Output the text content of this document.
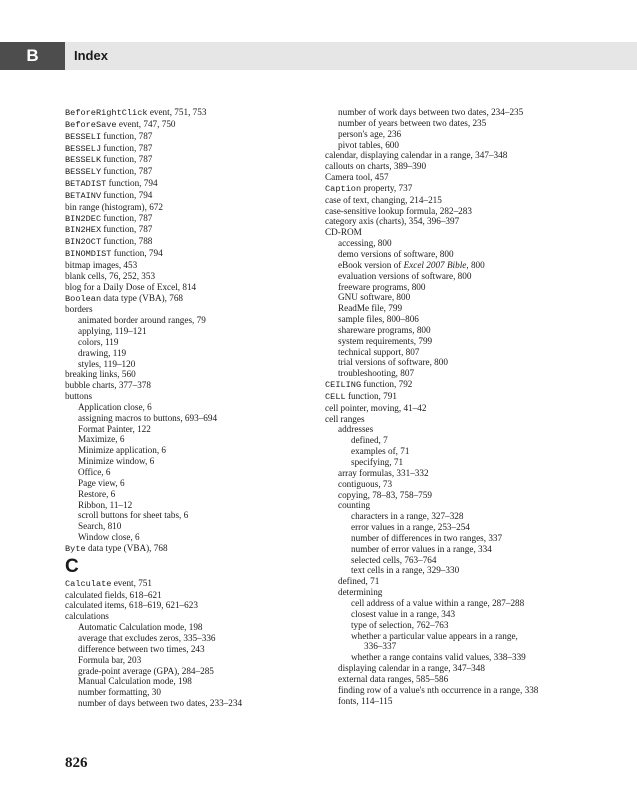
B	Index
BeforeRightClick event, 751, 753
BeforeSave event, 747, 750
BESSELI function, 787
BESSELJ function, 787
BESSELK function, 787
BESSELY function, 787
BETADIST function, 794
BETAINV function, 794
bin range (histogram), 672
BIN2DEC function, 787
BIN2HEX function, 787
BIN2OCT function, 788
BINOMDIST function, 794
bitmap images, 453
blank cells, 76, 252, 353
blog for a Daily Dose of Excel, 814
Boolean data type (VBA), 768
borders
animated border around ranges, 79
applying, 119–121
colors, 119
drawing, 119
styles, 119–120
breaking links, 560
bubble charts, 377–378
buttons
Application close, 6
assigning macros to buttons, 693–694
Format Painter, 122
Maximize, 6
Minimize application, 6
Minimize window, 6
Office, 6
Page view, 6
Restore, 6
Ribbon, 11–12
scroll buttons for sheet tabs, 6
Search, 810
Window close, 6
Byte data type (VBA), 768
C
Calculate event, 751
calculated fields, 618–621
calculated items, 618–619, 621–623
calculations
Automatic Calculation mode, 198
average that excludes zeros, 335–336
difference between two times, 243
Formula bar, 203
grade-point average (GPA), 284–285
Manual Calculation mode, 198
number formatting, 30
number of days between two dates, 233–234
number of work days between two dates, 234–235
number of years between two dates, 235
person's age, 236
pivot tables, 600
calendar, displaying calendar in a range, 347–348
callouts on charts, 389–390
Camera tool, 457
Caption property, 737
case of text, changing, 214–215
case-sensitive lookup formula, 282–283
category axis (charts), 354, 396–397
CD-ROM
accessing, 800
demo versions of software, 800
eBook version of Excel 2007 Bible, 800
evaluation versions of software, 800
freeware programs, 800
GNU software, 800
ReadMe file, 799
sample files, 800–806
shareware programs, 800
system requirements, 799
technical support, 807
trial versions of software, 800
troubleshooting, 807
CEILING function, 792
CELL function, 791
cell pointer, moving, 41–42
cell ranges
addresses
defined, 7
examples of, 71
specifying, 71
array formulas, 331–332
contiguous, 73
copying, 78–83, 758–759
counting
characters in a range, 327–328
error values in a range, 253–254
number of differences in two ranges, 337
number of error values in a range, 334
selected cells, 763–764
text cells in a range, 329–330
defined, 71
determining
cell address of a value within a range, 287–288
closest value in a range, 343
type of selection, 762–763
whether a particular value appears in a range,
336–337
whether a range contains valid values, 338–339
displaying calendar in a range, 347–348
external data ranges, 585–586
finding row of a value's nth occurrence in a range, 338
fonts, 114–115
826
